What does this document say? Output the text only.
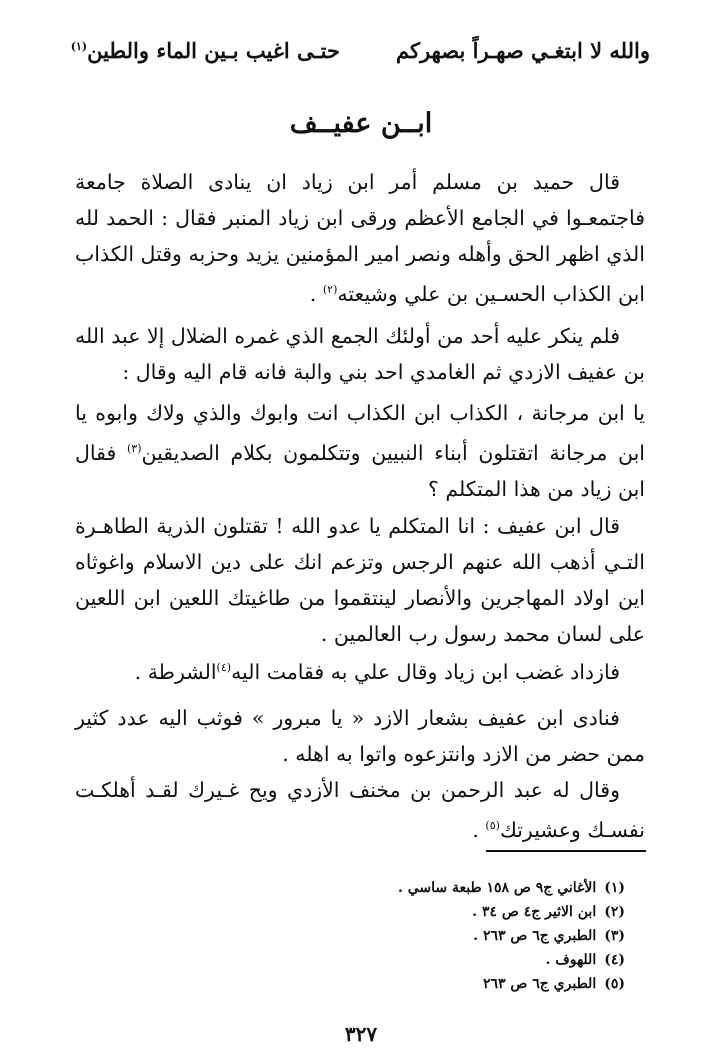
والله لا ابتغـي صهـراً بصهركم
حتـى اغيب بـين الماء والطين$^{(١)}$
ابــن عفيــف

قال حميد بن مسلم أمر ابن زياد ان ينادى الصلاة جامعة فاجتمعـوا في الجامع الأعظم ورقى ابن زياد المنبر فقال : الحمد لله الذي اظهر الحق وأهله ونصر امير المؤمنين يزيد وحزبه وقتل الكذاب ابن الكذاب الحسـين بن علي وشيعته$^{(٢)}$ .

فلم ينكر عليه أحد من أولئك الجمع الذي غمره الضلال إلا عبد الله بن عفيف الازدي ثم الغامدي احد بني والبة فانه قام اليه وقال :

يا ابن مرجانة ، الكذاب ابن الكذاب انت وابوك والذي ولاك وابوه يا ابن مرجانة اتقتلون أبناء النبيين وتتكلمون بكلام الصديقين$^{(٣)}$ فقال ابن زياد من هذا المتكلم ؟

قال ابن عفيف : انا المتكلم يا عدو الله ! تقتلون الذرية الطاهـرة التـي أذهب الله عنهم الرجس وتزعم انك على دين الاسلام واغوثاه اين اولاد المهاجرين والأنصار لينتقموا من طاغيتك اللعين ابن اللعين على لسان محمد رسول رب العالمين .

فازداد غضب ابن زياد وقال علي به فقامت اليه$^{(٤)}$الشرطة .

فنادى ابن عفيف بشعار الازد « يا مبرور » فوثب اليه عدد كثير ممن حضر من الازد وانتزعوه واتوا به اهله .

وقال له عبد الرحمن بن مخنف الأزدي ويح غـيرك لقـد أهلكـت نفسـك وعشيرتك$^{(٥)}$ .

(١)الأغاني ج٩ ص ١٥٨ طبعة ساسي .
(٢)ابن الاثير ج٤ ص ٣٤ .
(٣)الطبري ج٦ ص ٢٦٣ .
(٤)اللهوف .
(٥)الطبري ج٦ ص ٢٦٣
٣٢٧
